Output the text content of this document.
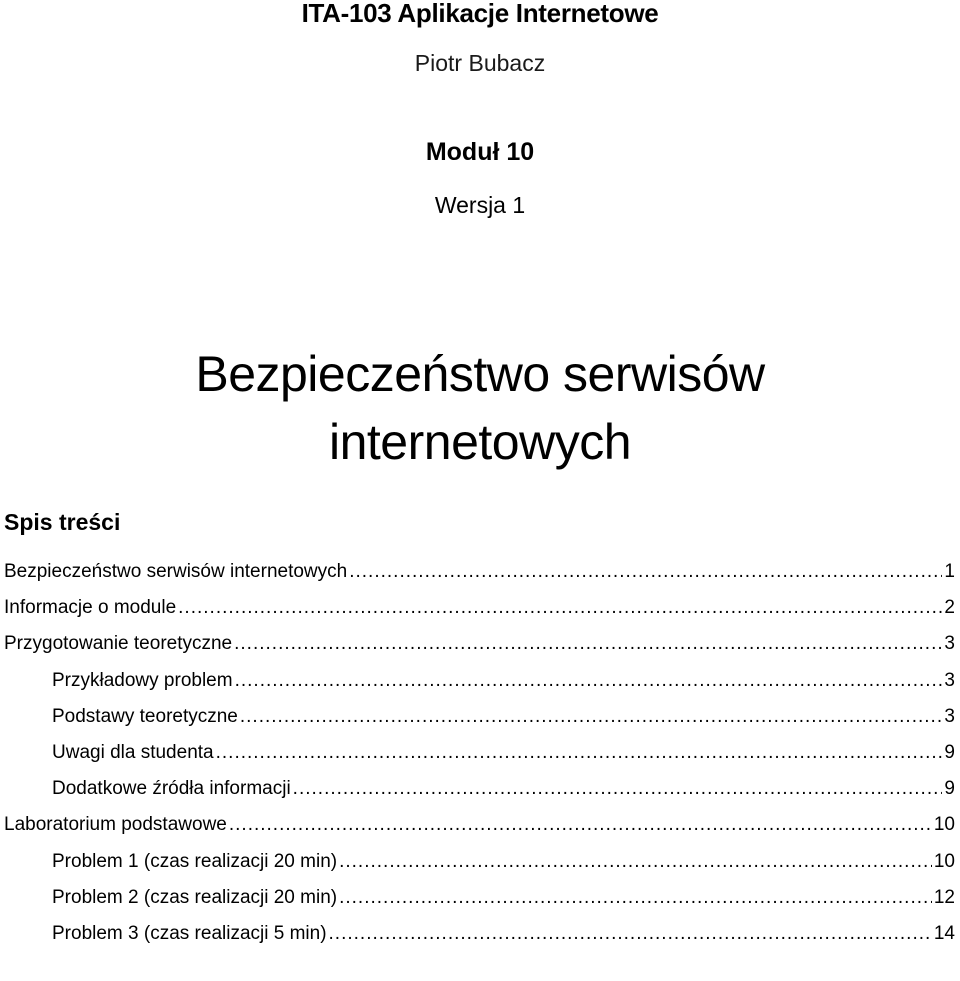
ITA-103 Aplikacje Internetowe
Piotr Bubacz
Moduł 10
Wersja 1
Bezpieczeństwo serwisów
internetowych
Spis treści
Bezpieczeństwo serwisów internetowych .....	1
Informacje o module .....	2
Przygotowanie teoretyczne .....	3
Przykładowy problem .....	3
Podstawy teoretyczne .....	3
Uwagi dla studenta .....	9
Dodatkowe źródła informacji .....	9
Laboratorium podstawowe .....	10
Problem 1 (czas realizacji 20 min) .....	10
Problem 2 (czas realizacji 20 min) .....	12
Problem 3 (czas realizacji 5 min) .....	14
